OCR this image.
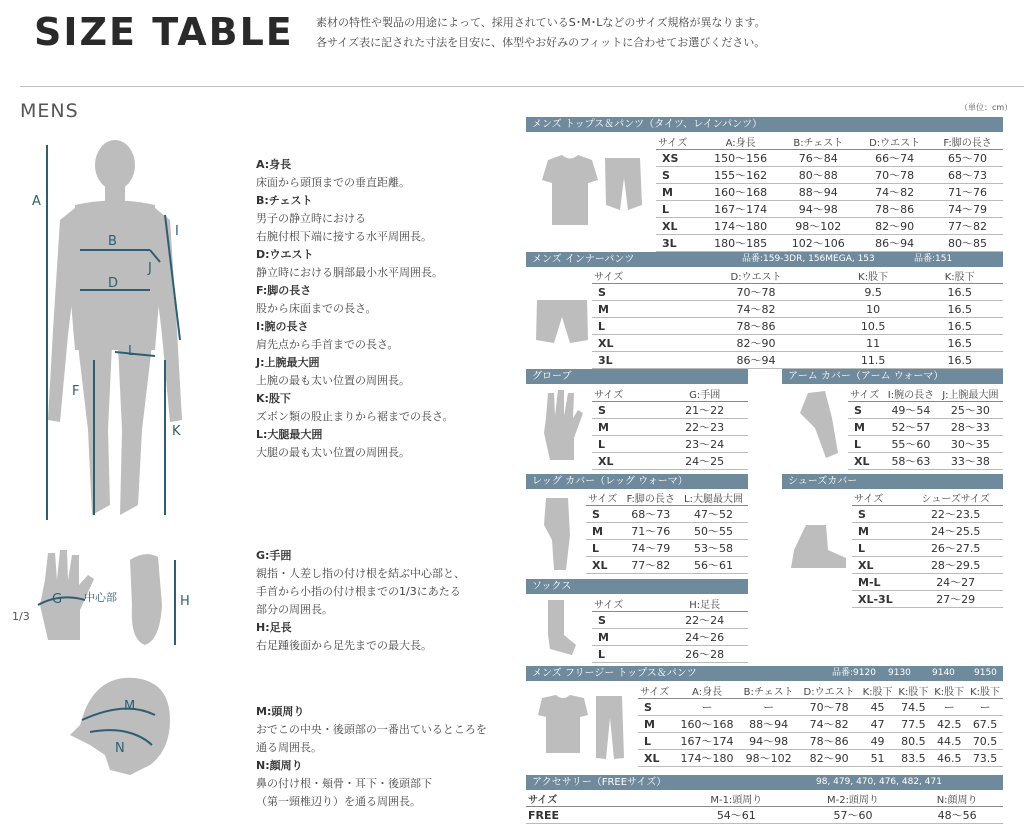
SIZE TABLE 素材の特性や製品の用途によって、採用されているS･M･Lなどのサイズ規格が異なります。
各サイズ表に記された寸法を目安に、体型やお好みのフィットに合わせてお選びください。
MENS	（単位：cm）
A
B
D
I
J
L
F
K
G 中心部
1/3
H
M
N
A:身長
床面から頭頂までの垂直距離。
B:チェスト
男子の静立時における
右腕付根下端に接する水平周囲長。
D:ウエスト
静立時における胴部最小水平周囲長。
F:脚の長さ
股から床面までの長さ。
I:腕の長さ
肩先点から手首までの長さ。
J:上腕最大囲
上腕の最も太い位置の周囲長。
K:股下
ズボン類の股止まりから裾までの長さ。
L:大腿最大囲
大腿の最も太い位置の周囲長。
G:手囲
親指・人差し指の付け根を結ぶ中心部と、
手首から小指の付け根までの1/3にあたる
部分の周囲長。
H:足長
右足踵後面から足先までの最大長。
M:頭周り
おでこの中央・後頭部の一番出ているところを
通る周囲長。
N:顔周り
鼻の付け根・頬骨・耳下・後頭部下
（第一頸椎辺り）を通る周囲長。
メンズ トップス＆パンツ（タイツ、レインパンツ）
サイズ	A:身長	B:チェスト	D:ウエスト	F:脚の長さ
XS	150〜156	76〜84	66〜74	65〜70
S	155〜162	80〜88	70〜78	68〜73
M	160〜168	88〜94	74〜82	71〜76
L	167〜174	94〜98	78〜86	74〜79
XL	174〜180	98〜102	82〜90	77〜82
3L	180〜185	102〜106	86〜94	80〜85
メンズ インナーパンツ	品番:159-3DR, 156MEGA, 153	品番:151
サイズ	D:ウエスト	K:股下	K:股下
S	70〜78	9.5	16.5
M	74〜82	10	16.5
L	78〜86	10.5	16.5
XL	82〜90	11	16.5
3L	86〜94	11.5	16.5
グローブ
サイズ	G:手囲
S	21〜22
M	22〜23
L	23〜24
XL	24〜25
アーム カバー（アーム ウォーマ）
サイズ	I:腕の長さ	J:上腕最大囲
S	49〜54	25〜30
M	52〜57	28〜33
L	55〜60	30〜35
XL	58〜63	33〜38
レッグ カバー（レッグ ウォーマ）
サイズ	F:脚の長さ	L:大腿最大囲
S	68〜73	47〜52
M	71〜76	50〜55
L	74〜79	53〜58
XL	77〜82	56〜61
シューズカバー
サイズ	シューズサイズ
S	22〜23.5
M	24〜25.5
L	26〜27.5
XL	28〜29.5
M-L	24〜27
XL-3L	27〜29
ソックス
サイズ	H:足長
S	22〜24
M	24〜26
L	26〜28
メンズ フリージー トップス＆パンツ	品番:9120 9130 9140 9150
サイズ	A:身長	B:チェスト	D:ウエスト	K:股下	K:股下	K:股下	K:股下
S	ー	ー	70〜78	45	74.5	ー	ー
M	160〜168	88〜94	74〜82	47	77.5	42.5	67.5
L	167〜174	94〜98	78〜86	49	80.5	44.5	70.5
XL	174〜180	98〜102	82〜90	51	83.5	46.5	73.5
アクセサリー（FREEサイズ）	98, 479, 470, 476, 482, 471
サイズ	M-1:頭周り	M-2:頭周り	N:顔周り
FREE	54〜61	57〜60	48〜56
